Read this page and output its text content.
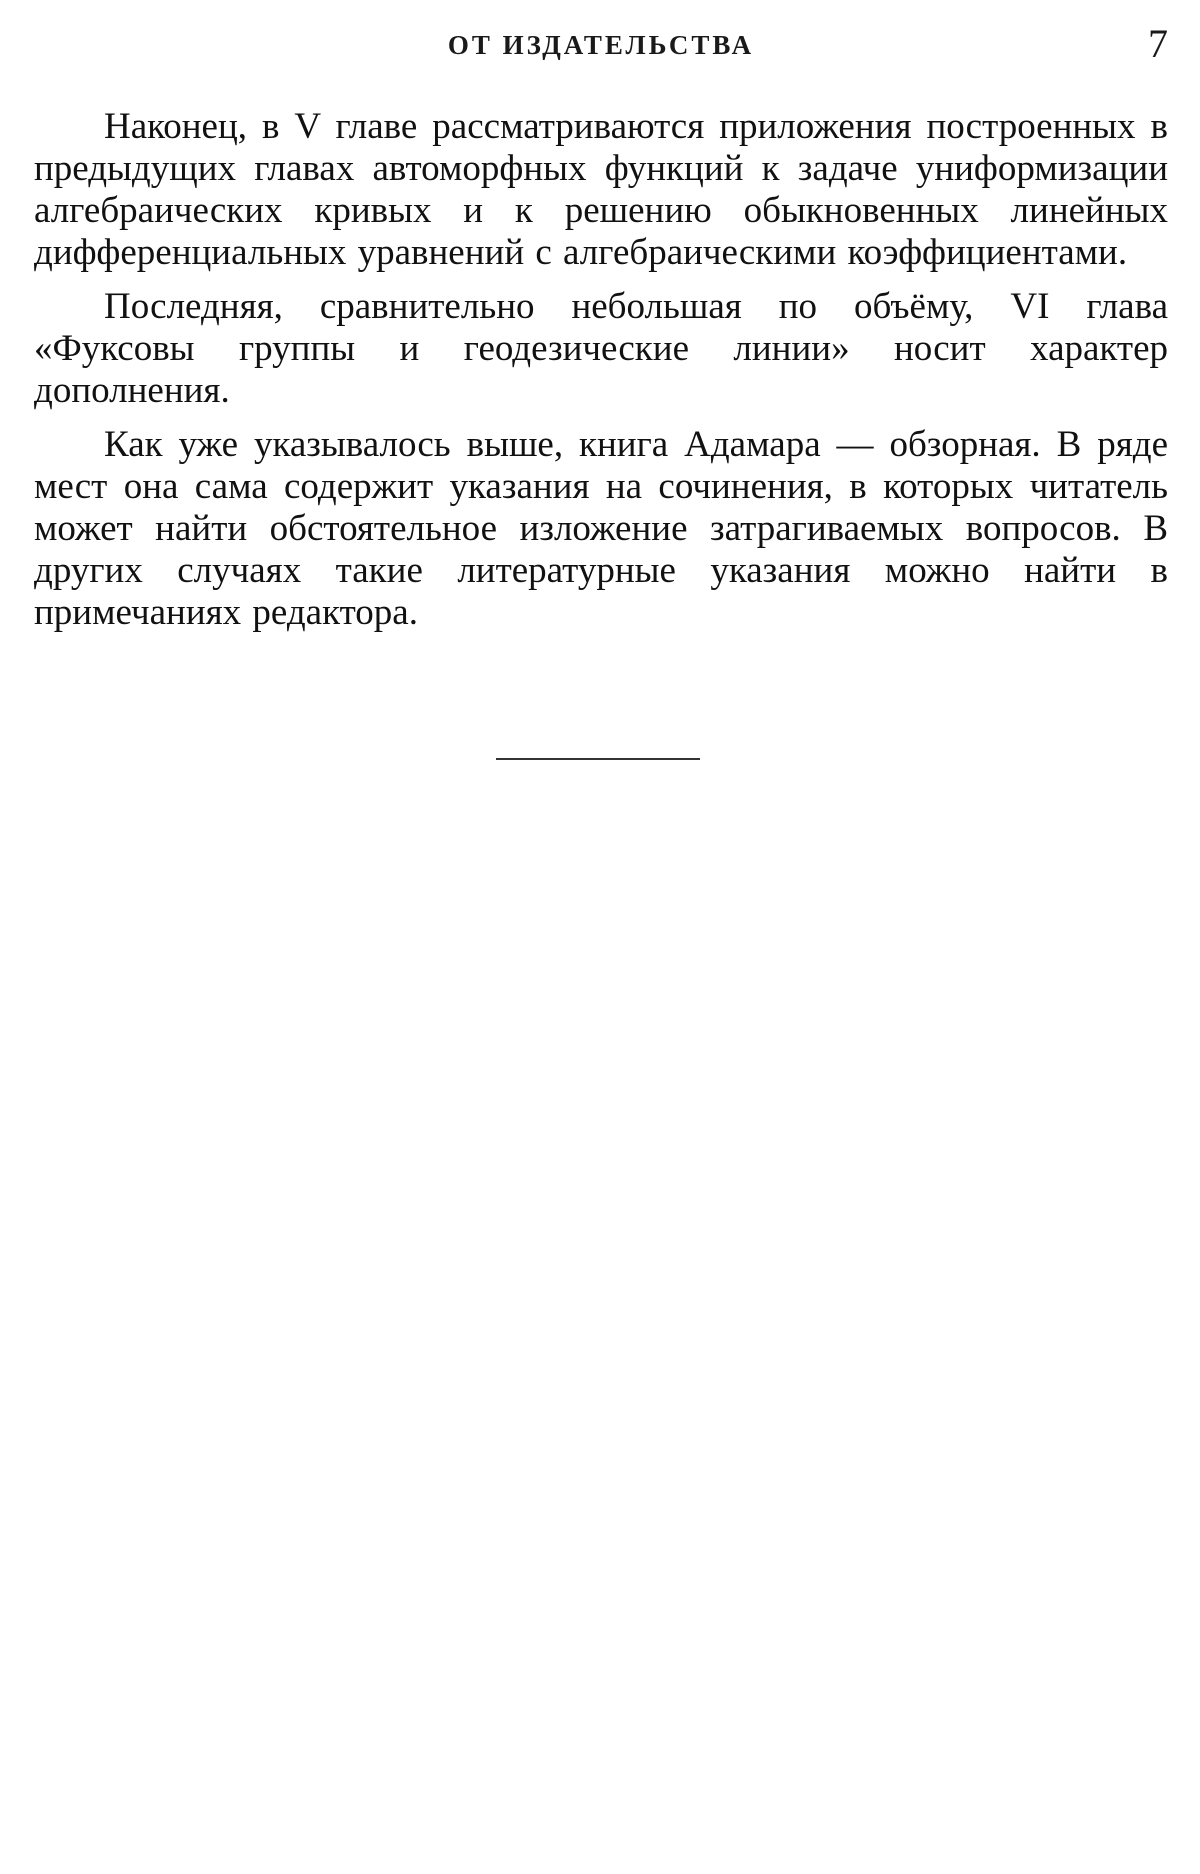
ОТ ИЗДАТЕЛЬСТВА	7

Наконец, в V главе рассматриваются приложения построенных в предыдущих главах автоморфных функций к задаче униформизации алгебраических кривых и к решению обыкновенных линейных дифференциальных уравнений с алгебраическими коэффициентами.

Последняя, сравнительно небольшая по объёму, VI глава «Фуксовы группы и геодезические линии» носит характер дополнения.

Как уже указывалось выше, книга Адамара — обзорная. В ряде мест она сама содержит указания на сочинения, в которых читатель может найти обстоятельное изложение затрагиваемых вопросов. В других случаях такие литературные указания можно найти в примечаниях редактора.
